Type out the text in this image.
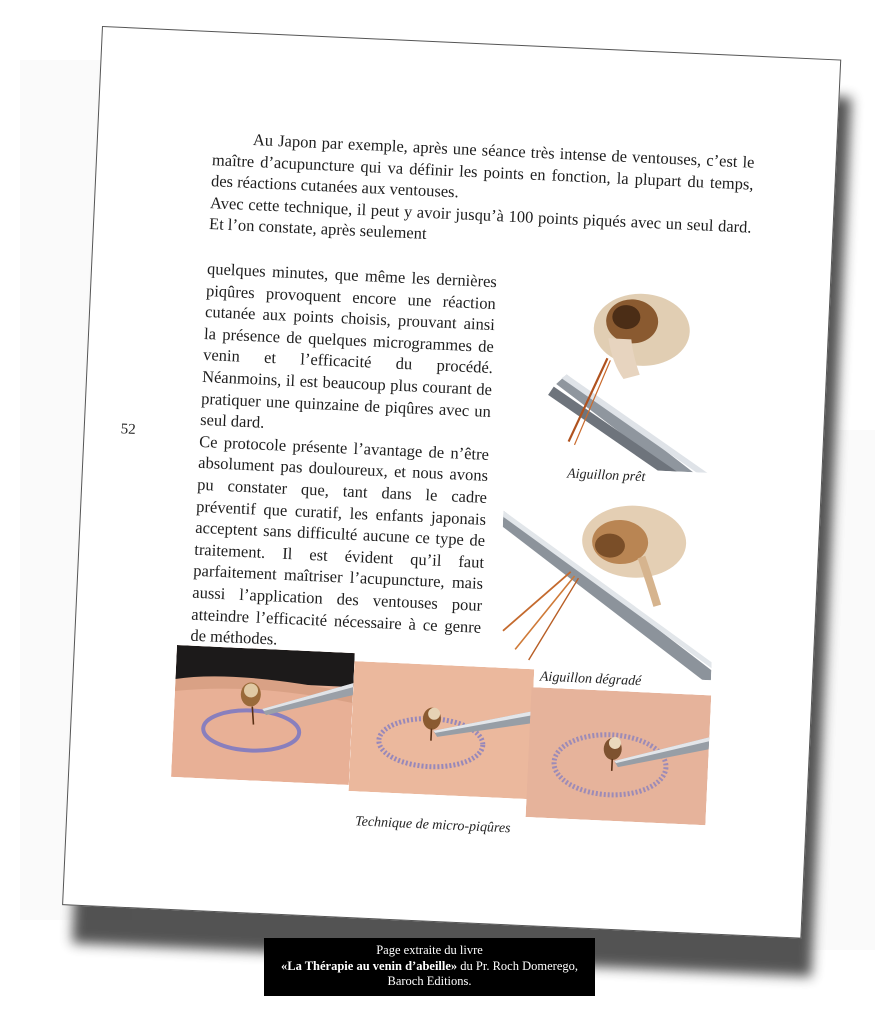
52

Au Japon par exemple, après une séance très intense de ventouses, c’est le maître d’acupuncture qui va définir les points en fonction, la plupart du temps, des réactions cutanées aux ventouses.

Avec cette technique, il peut y avoir jusqu’à 100 points piqués avec un seul dard. Et l’on constate, après seulement

quelques minutes, que même les dernières piqûres provoquent encore une réaction cutanée aux points choisis, prouvant ainsi la présence de quelques microgrammes de venin et l’efficacité du procédé. Néanmoins, il est beaucoup plus courant de pratiquer une quinzaine de piqûres avec un seul dard.

Ce protocole présente l’avantage de n’être absolument pas douloureux, et nous avons pu constater que, tant dans le cadre préventif que curatif, les enfants japonais acceptent sans difficulté aucune ce type de traitement. Il est évident qu’il faut parfaitement maîtriser l’acupuncture, mais aussi l’application des ventouses pour atteindre l’efficacité nécessaire à ce genre de méthodes.

Aiguillon prêt
Aiguillon dégradé
Technique de micro-piqûres
Page extraite du livre
«La Thérapie au venin d’abeille» du Pr. Roch Domerego,
Baroch Editions.
